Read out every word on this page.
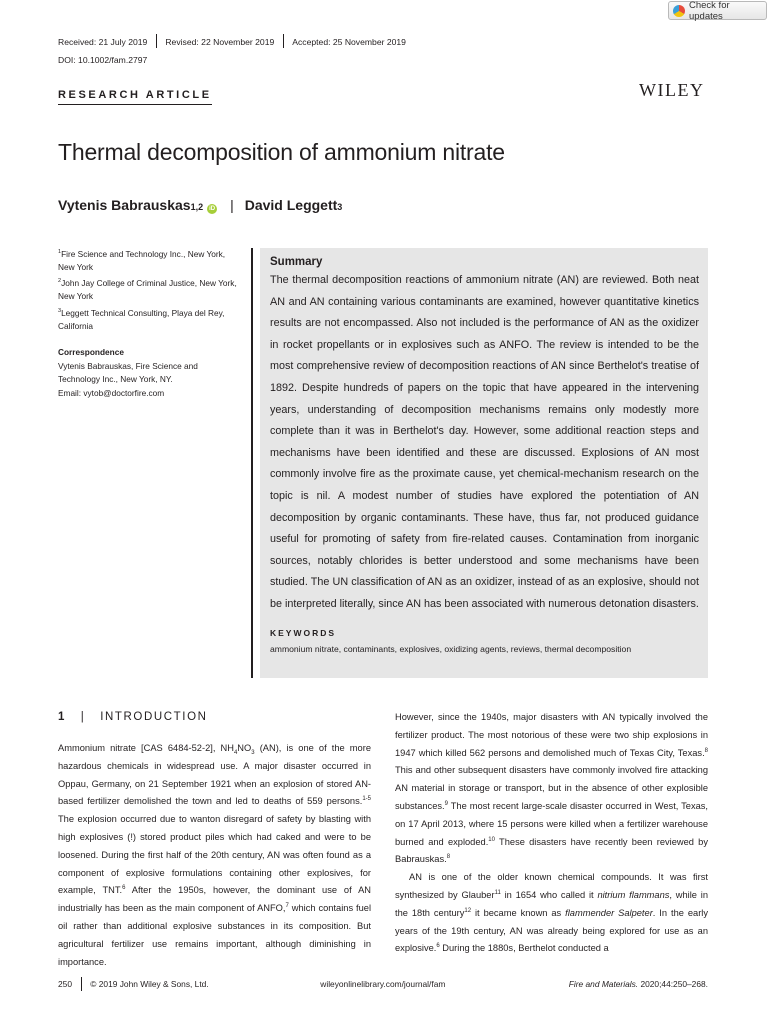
Check for updates
Received: 21 July 2019	Revised: 22 November 2019	Accepted: 25 November 2019
DOI: 10.1002/fam.2797
RESEARCH ARTICLE	WILEY
Thermal decomposition of ammonium nitrate
Vytenis Babrauskas 1,2	iD | David Leggett 3
$^1$Fire Science and Technology Inc., New York, New York
$^2$John Jay College of Criminal Justice, New York, New York
$^3$Leggett Technical Consulting, Playa del Rey, California
Correspondence
Vytenis Babrauskas, Fire Science and
Technology Inc., New York, NY.
Email: vytob@doctorfire.com
Summary

The thermal decomposition reactions of ammonium nitrate (AN) are reviewed. Both neat AN and AN containing various contaminants are examined, however quantitative kinetics results are not encompassed. Also not included is the performance of AN as the oxidizer in rocket propellants or in explosives such as ANFO. The review is intended to be the most comprehensive review of decomposition reactions of AN since Berthelot's treatise of 1892. Despite hundreds of papers on the topic that have appeared in the intervening years, understanding of decomposition mechanisms remains only modestly more complete than it was in Berthelot's day. However, some additional reaction steps and mechanisms have been identified and these are discussed. Explosions of AN most commonly involve fire as the proximate cause, yet chemical-mechanism research on the topic is nil. A modest number of studies have explored the potentiation of AN decomposition by organic contaminants. These have, thus far, not produced guidance useful for promoting of safety from fire-related causes. Contamination from inorganic sources, notably chlorides is better understood and some mechanisms have been studied. The UN classification of AN as an oxidizer, instead of as an explosive, should not be interpreted literally, since AN has been associated with numerous detonation disasters.

KEYWORDS
ammonium nitrate, contaminants, explosives, oxidizing agents, reviews, thermal decomposition
1 | INTRODUCTION

Ammonium nitrate [CAS 6484-52-2], $NH_4NO_3$ (AN), is one of the more hazardous chemicals in widespread use. A major disaster occurred in Oppau, Germany, on 21 September 1921 when an explosion of stored AN-based fertilizer demolished the town and led to deaths of 559 persons.$^{1-5}$ The explosion occurred due to wanton disregard of safety by blasting with high explosives (!) stored product piles which had caked and were to be loosened. During the first half of the 20th century, AN was often found as a component of explosive formulations containing other explosives, for example, TNT.$^6$ After the 1950s, however, the dominant use of AN industrially has been as the main component of ANFO,$^7$ which contains fuel oil rather than additional explosive substances in its composition. But agricultural fertilizer use remains important, although diminishing in importance.

However, since the 1940s, major disasters with AN typically involved the fertilizer product. The most notorious of these were two ship explosions in 1947 which killed 562 persons and demolished much of Texas City, Texas.$^8$ This and other subsequent disasters have commonly involved fire attacking AN material in storage or transport, but in the absence of other explosible substances.$^9$ The most recent large-scale disaster occurred in West, Texas, on 17 April 2013, where 15 persons were killed when a fertilizer warehouse burned and exploded.$^{10}$ These disasters have recently been reviewed by Babrauskas.$^8$

AN is one of the older known chemical compounds. It was first synthesized by Glauber$^{11}$ in 1654 who called it nitrium flammans, while in the 18th century$^{12}$ it became known as flammender Salpeter. In the early years of the 19th century, AN was already being explored for use as an explosive.$^6$ During the 1880s, Berthelot conducted a

250	© 2019 John Wiley & Sons, Ltd.	wileyonlinelibrary.com/journal/fam	Fire and Materials. 2020;44:250–268.
